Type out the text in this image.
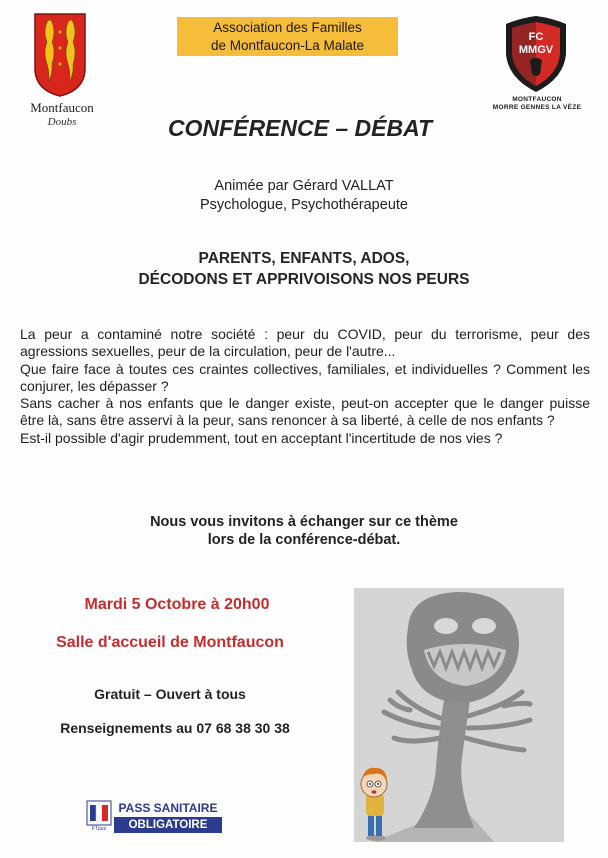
Montfaucon
Doubs
Association des Familles
de Montfaucon-La Malate
FC
MMGV
MONTFAUCON
MORRE GENNES LA VÈZE
CONFÉRENCE – DÉBAT
Animée par Gérard VALLAT
Psychologue, Psychothérapeute
PARENTS, ENFANTS, ADOS,
DÉCODONS ET APPRIVOISONS NOS PEURS

La peur a contaminé notre société : peur du COVID, peur du terrorisme, peur des agressions sexuelles, peur de la circulation, peur de l'autre...

Que faire face à toutes ces craintes collectives, familiales, et individuelles ? Comment les conjurer, les dépasser ?

Sans cacher à nos enfants que le danger existe, peut-on accepter que le danger puisse être là, sans être asservi à la peur, sans renoncer à sa liberté, à celle de nos enfants ?

Est-il possible d'agir prudemment, tout en acceptant l'incertitude de nos vies ?

Nous vous invitons à échanger sur ce thème
lors de la conférence-débat.
Mardi 5 Octobre à 20h00
Salle d'accueil de Montfaucon
Gratuit – Ouvert à tous
Renseignements au 07 68 38 30 38
FTpus
PASS SANITAIRE
OBLIGATOIRE
